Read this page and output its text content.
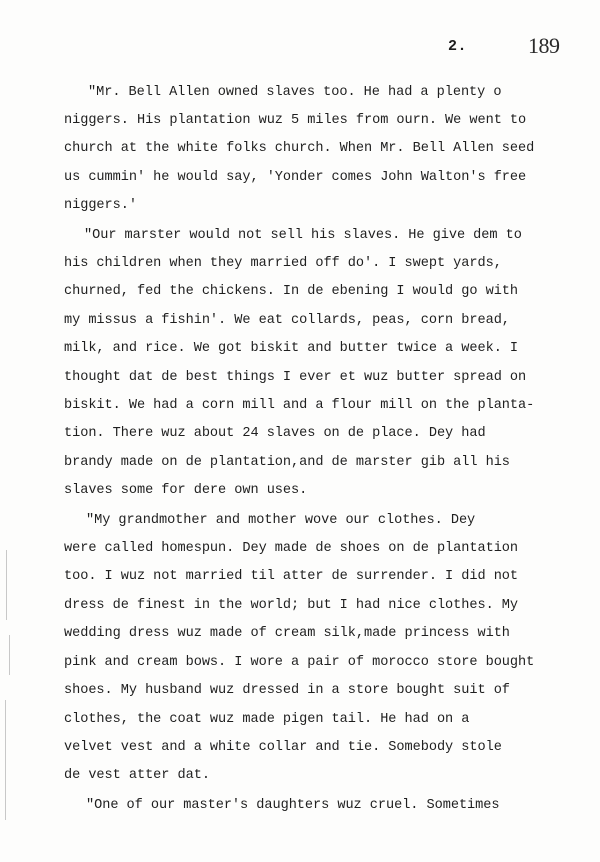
2.	189
"Mr. Bell Allen owned slaves too. He had a plenty o
niggers. His plantation wuz 5 miles from ourn. We went to
church at the white folks church. When Mr. Bell Allen seed
us cummin' he would say, 'Yonder comes John Walton's free
niggers.'
"Our marster would not sell his slaves. He give dem to
his children when they married off do'. I swept yards,
churned, fed the chickens. In de ebening I would go with
my missus a fishin'. We eat collards, peas, corn bread,
milk, and rice. We got biskit and butter twice a week. I
thought dat de best things I ever et wuz butter spread on
biskit. We had a corn mill and a flour mill on the planta-
tion. There wuz about 24 slaves on de place. Dey had
brandy made on de plantation,and de marster gib all his
slaves some for dere own uses.
"My grandmother and mother wove our clothes. Dey
were called homespun. Dey made de shoes on de plantation
too. I wuz not married til atter de surrender. I did not
dress de finest in the world; but I had nice clothes. My
wedding dress wuz made of cream silk,made princess with
pink and cream bows. I wore a pair of morocco store bought
shoes. My husband wuz dressed in a store bought suit of
clothes, the coat wuz made pigen tail. He had on a
velvet vest and a white collar and tie. Somebody stole
de vest atter dat.
"One of our master's daughters wuz cruel. Sometimes
